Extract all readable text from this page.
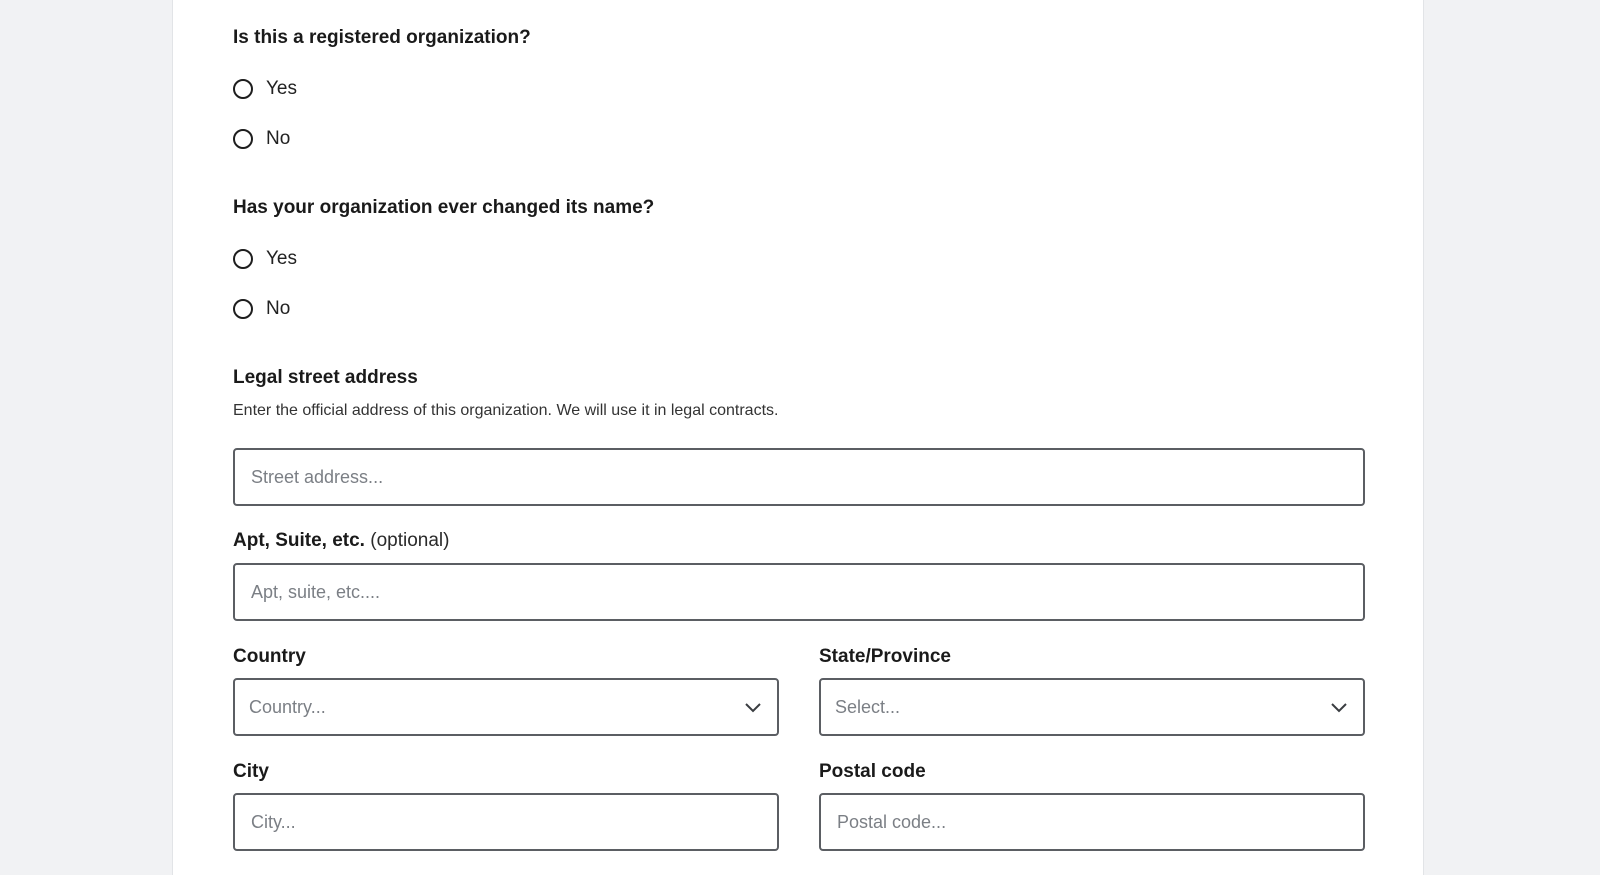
Is this a registered organization?
Yes
No
Has your organization ever changed its name?
Yes
No
Legal street address
Enter the official address of this organization. We will use it in legal contracts.
Street address...
Apt, Suite, etc. (optional)
Apt, suite, etc....
Country
Country...
State/Province
Select...
City
City...	Postal code
Postal code...
